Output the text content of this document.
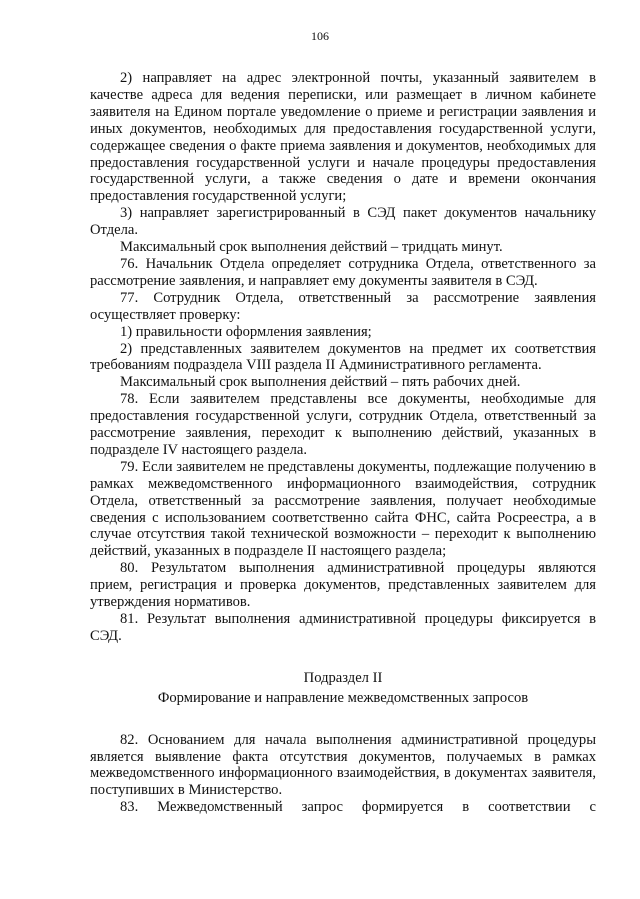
106

2) направляет на адрес электронной почты, указанный заявителем в качестве адреса для ведения переписки, или размещает в личном кабинете заявителя на Едином портале уведомление о приеме и регистрации заявления и иных документов, необходимых для предоставления государственной услуги, содержащее сведения о факте приема заявления и документов, необходимых для предоставления государственной услуги и начале процедуры предоставления государственной услуги, а также сведения о дате и времени окончания предоставления государственной услуги;

3) направляет зарегистрированный в СЭД пакет документов начальнику Отдела.

Максимальный срок выполнения действий – тридцать минут.

76. Начальник Отдела определяет сотрудника Отдела, ответственного за рассмотрение заявления, и направляет ему документы заявителя в СЭД.

77. Сотрудник Отдела, ответственный за рассмотрение заявления осуществляет проверку:

1) правильности оформления заявления;

2) представленных заявителем документов на предмет их соответствия требованиям подраздела VIII раздела II Административного регламента.

Максимальный срок выполнения действий – пять рабочих дней.

78. Если заявителем представлены все документы, необходимые для предоставления государственной услуги, сотрудник Отдела, ответственный за рассмотрение заявления, переходит к выполнению действий, указанных в подразделе IV настоящего раздела.

79. Если заявителем не представлены документы, подлежащие получению в рамках межведомственного информационного взаимодействия, сотрудник Отдела, ответственный за рассмотрение заявления, получает необходимые сведения с использованием соответственно сайта ФНС, сайта Росреестра, а в случае отсутствия такой технической возможности – переходит к выполнению действий, указанных в подразделе II настоящего раздела;

80. Результатом выполнения административной процедуры являются прием, регистрация и проверка документов, представленных заявителем для утверждения нормативов.

81. Результат выполнения административной процедуры фиксируется в СЭД.

Подраздел II

Формирование и направление межведомственных запросов

82. Основанием для начала выполнения административной процедуры является выявление факта отсутствия документов, получаемых в рамках межведомственного информационного взаимодействия, в документах заявителя, поступивших в Министерство.

83. Межведомственный запрос формируется в соответствии с
